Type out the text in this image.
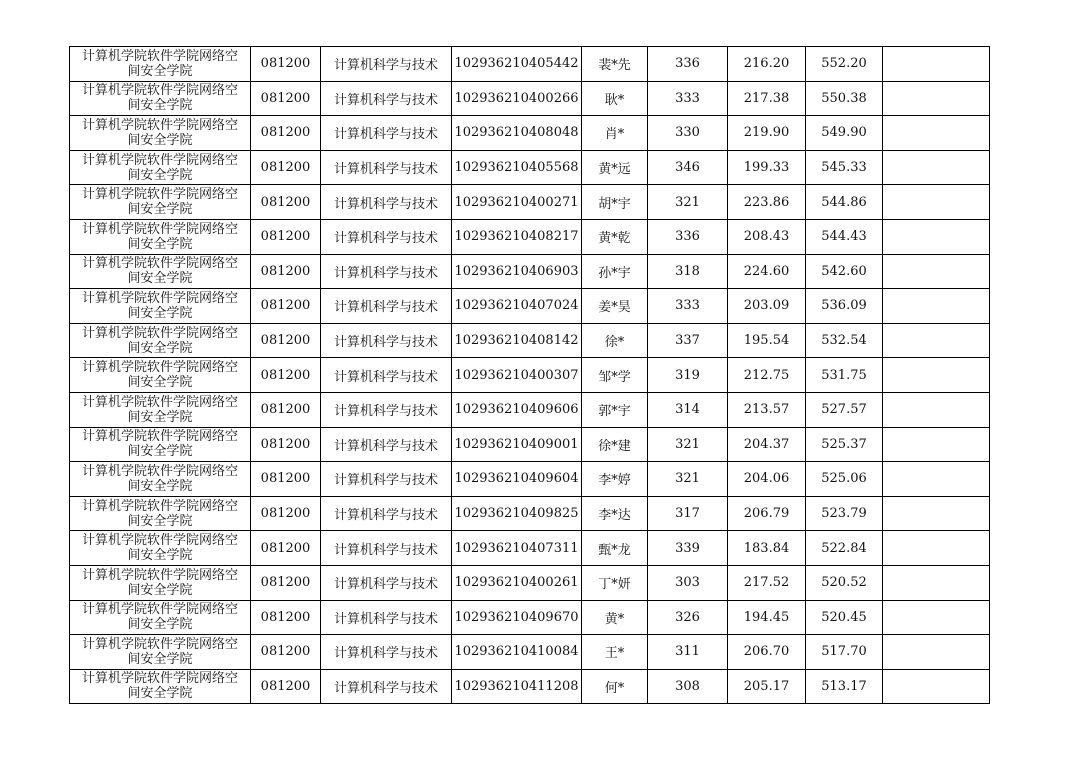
计算机学院软件学院网络空
间安全学院	081200	计算机科学与技术	102936210405442	裴*先	336	216.20	552.20	

计算机学院软件学院网络空
间安全学院	081200	计算机科学与技术	102936210400266	耿*	333	217.38	550.38	

计算机学院软件学院网络空
间安全学院	081200	计算机科学与技术	102936210408048	肖*	330	219.90	549.90	

计算机学院软件学院网络空
间安全学院	081200	计算机科学与技术	102936210405568	黄*远	346	199.33	545.33	

计算机学院软件学院网络空
间安全学院	081200	计算机科学与技术	102936210400271	胡*宇	321	223.86	544.86	

计算机学院软件学院网络空
间安全学院	081200	计算机科学与技术	102936210408217	黄*乾	336	208.43	544.43	

计算机学院软件学院网络空
间安全学院	081200	计算机科学与技术	102936210406903	孙*宇	318	224.60	542.60	

计算机学院软件学院网络空
间安全学院	081200	计算机科学与技术	102936210407024	姜*昊	333	203.09	536.09	

计算机学院软件学院网络空
间安全学院	081200	计算机科学与技术	102936210408142	徐*	337	195.54	532.54	

计算机学院软件学院网络空
间安全学院	081200	计算机科学与技术	102936210400307	邹*学	319	212.75	531.75	

计算机学院软件学院网络空
间安全学院	081200	计算机科学与技术	102936210409606	郭*宇	314	213.57	527.57	

计算机学院软件学院网络空
间安全学院	081200	计算机科学与技术	102936210409001	徐*建	321	204.37	525.37	

计算机学院软件学院网络空
间安全学院	081200	计算机科学与技术	102936210409604	李*婷	321	204.06	525.06	

计算机学院软件学院网络空
间安全学院	081200	计算机科学与技术	102936210409825	李*达	317	206.79	523.79	

计算机学院软件学院网络空
间安全学院	081200	计算机科学与技术	102936210407311	甄*龙	339	183.84	522.84	

计算机学院软件学院网络空
间安全学院	081200	计算机科学与技术	102936210400261	丁*妍	303	217.52	520.52	

计算机学院软件学院网络空
间安全学院	081200	计算机科学与技术	102936210409670	黄*	326	194.45	520.45	

计算机学院软件学院网络空
间安全学院	081200	计算机科学与技术	102936210410084	王*	311	206.70	517.70	

计算机学院软件学院网络空
间安全学院	081200	计算机科学与技术	102936210411208	何*	308	205.17	513.17	
